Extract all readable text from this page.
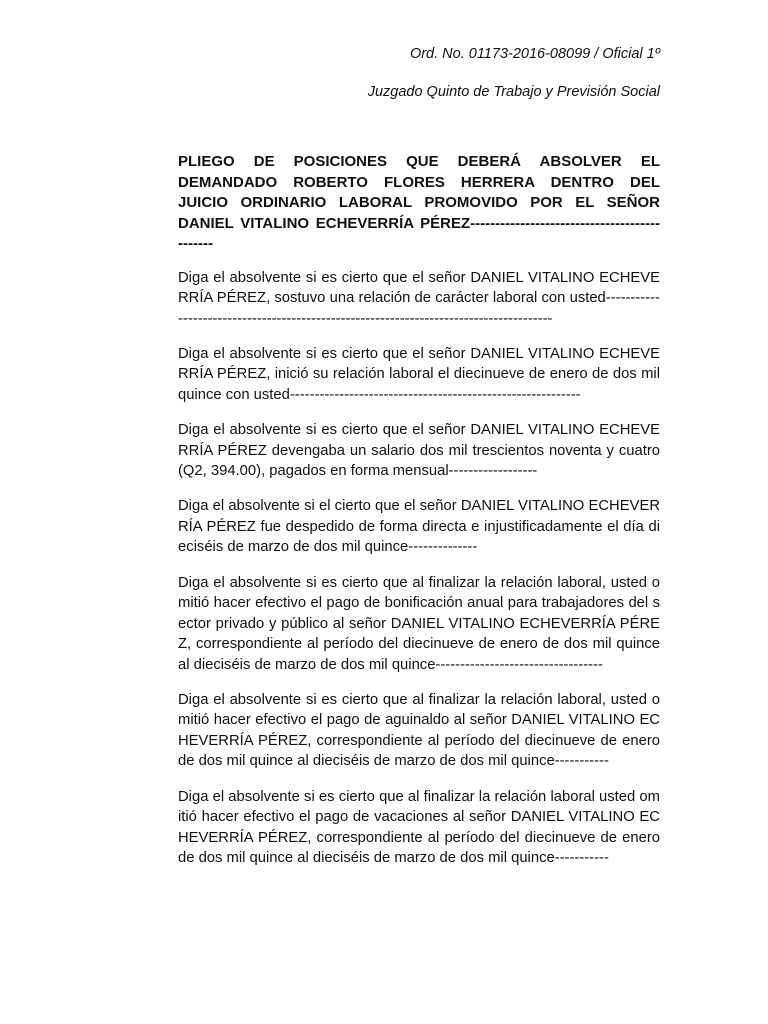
Ord. No. 01173-2016-08099 / Oficial 1º
Juzgado Quinto de Trabajo y Previsión Social
PLIEGO DE POSICIONES QUE DEBERÁ ABSOLVER EL DEMANDADO ROBERTO FLORES HERRERA DENTRO DEL JUICIO ORDINARIO LABORAL PROMOVIDO POR EL SEÑOR DANIEL VITALINO ECHEVERRÍA PÉREZ---------------------------------------------

Diga el absolvente si es cierto que el señor DANIEL VITALINO ECHEVERRÍA PÉREZ, sostuvo una relación de carácter laboral con usted---------------------------------------------------------------------------------------

Diga el absolvente si es cierto que el señor DANIEL VITALINO ECHEVERRÍA PÉREZ, inició su relación laboral el diecinueve de enero de dos mil quince con usted-----------------------------------------------------------

Diga el absolvente si es cierto que el señor DANIEL VITALINO ECHEVERRÍA PÉREZ devengaba un salario dos mil trescientos noventa y cuatro (Q2, 394.00), pagados en forma mensual------------------

Diga el absolvente si el cierto que el señor DANIEL VITALINO ECHEVERRÍA PÉREZ fue despedido de forma directa e injustificadamente el día dieciséis de marzo de dos mil quince--------------

Diga el absolvente si es cierto que al finalizar la relación laboral, usted omitió hacer efectivo el pago de bonificación anual para trabajadores del sector privado y público al señor DANIEL VITALINO ECHEVERRÍA PÉREZ, correspondiente al período del diecinueve de enero de dos mil quince al dieciséis de marzo de dos mil quince----------------------------------

Diga el absolvente si es cierto que al finalizar la relación laboral, usted omitió hacer efectivo el pago de aguinaldo al señor DANIEL VITALINO ECHEVERRÍA PÉREZ, correspondiente al período del diecinueve de enero de dos mil quince al dieciséis de marzo de dos mil quince-----------

Diga el absolvente si es cierto que al finalizar la relación laboral usted omitió hacer efectivo el pago de vacaciones al señor DANIEL VITALINO ECHEVERRÍA PÉREZ, correspondiente al período del diecinueve de enero de dos mil quince al dieciséis de marzo de dos mil quince-----------
